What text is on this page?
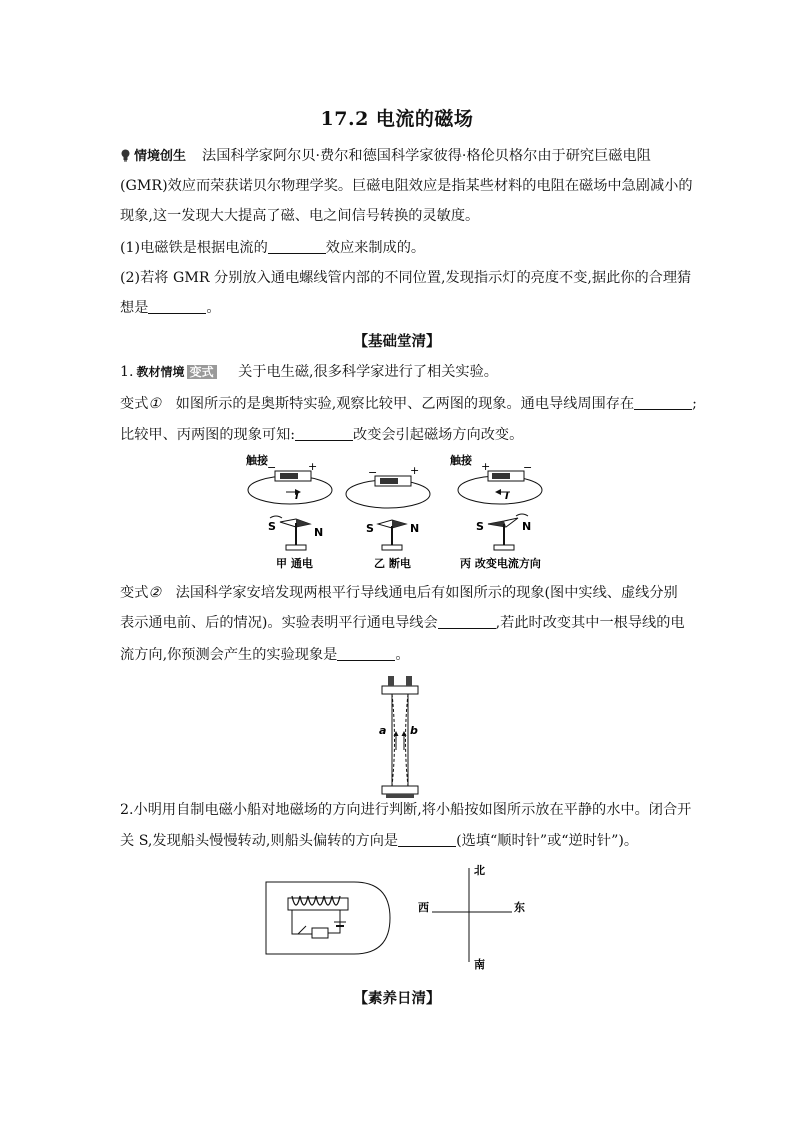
17.2 电流的磁场
情境创生 法国科学家阿尔贝·费尔和德国科学家彼得·格伦贝格尔由于研究巨磁电阻
(GMR)效应而荣获诺贝尔物理学奖。巨磁电阻效应是指某些材料的电阻在磁场中急剧减小的
现象,这一发现大大提高了磁、电之间信号转换的灵敏度。
(1)电磁铁是根据电流的	效应来制成的。
(2)若将 GMR 分别放入通电螺线管内部的不同位置,发现指示灯的亮度不变,据此你的合理猜
想是	。
【基础堂清】
1. 教材情境 变式 关于电生磁,很多科学家进行了相关实验。
变式① 如图所示的是奥斯特实验,观察比较甲、乙两图的现象。通电导线周围存在	;
比较甲、丙两图的现象可知:	改变会引起磁场方向改变。
触接
−	+
I
S	N
甲 通电
−	+
S	N
乙 断电
触接 +	−
I
S	N
丙 改变电流方向
变式② 法国科学家安培发现两根平行导线通电后有如图所示的现象(图中实线、虚线分别
表示通电前、后的情况)。实验表明平行通电导线会	,若此时改变其中一根导线的电
流方向,你预测会产生的实验现象是	。
a b
2.小明用自制电磁小船对地磁场的方向进行判断,将小船按如图所示放在平静的水中。闭合开
关 S,发现船头慢慢转动,则船头偏转的方向是	(选填“顺时针”或“逆时针”)。
北
南
西	东
【素养日清】
